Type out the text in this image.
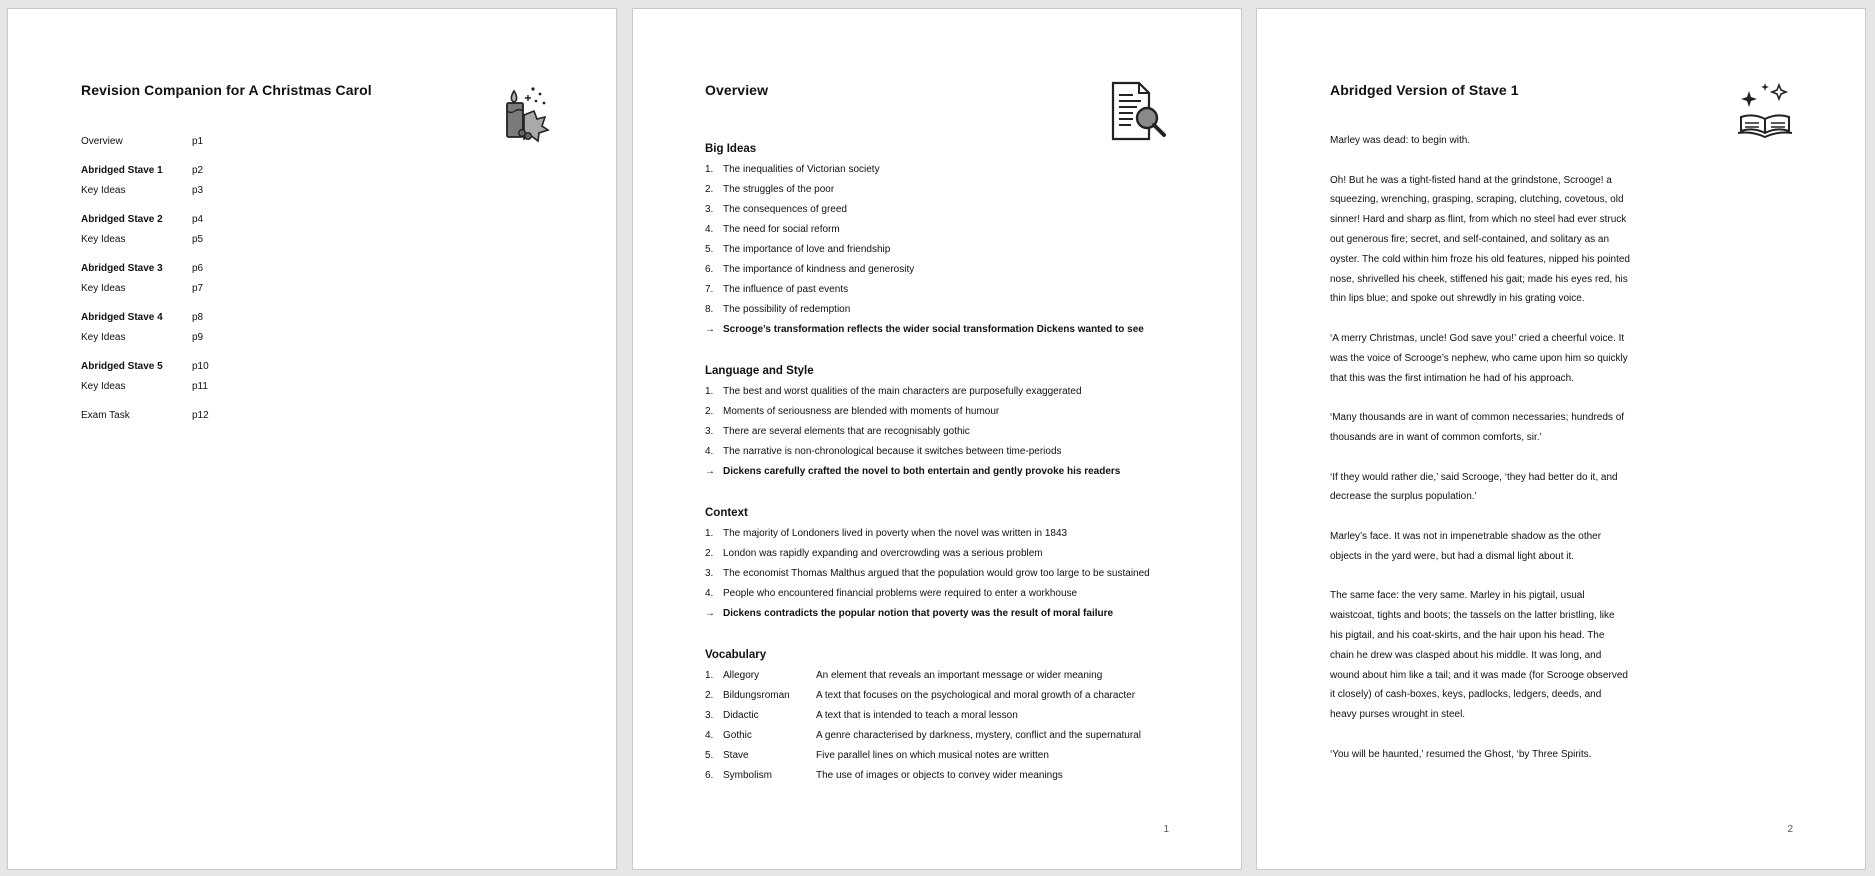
Revision Companion for A Christmas Carol
Overview	p1
Abridged Stave 1	p2
Key Ideas	p3
Abridged Stave 2	p4
Key Ideas	p5
Abridged Stave 3	p6
Key Ideas	p7
Abridged Stave 4	p8
Key Ideas	p9
Abridged Stave 5	p10
Key Ideas	p11
Exam Task	p12
Overview
Big Ideas
1. The inequalities of Victorian society
2. The struggles of the poor
3. The consequences of greed
4. The need for social reform
5. The importance of love and friendship
6. The importance of kindness and generosity
7. The influence of past events
8. The possibility of redemption
→ Scrooge’s transformation reflects the wider social transformation Dickens wanted to see
Language and Style
1. The best and worst qualities of the main characters are purposefully exaggerated
2. Moments of seriousness are blended with moments of humour
3. There are several elements that are recognisably gothic
4. The narrative is non-chronological because it switches between time-periods
→ Dickens carefully crafted the novel to both entertain and gently provoke his readers
Context
1. The majority of Londoners lived in poverty when the novel was written in 1843
2. London was rapidly expanding and overcrowding was a serious problem
3. The economist Thomas Malthus argued that the population would grow too large to be sustained
4. People who encountered financial problems were required to enter a workhouse
→ Dickens contradicts the popular notion that poverty was the result of moral failure
Vocabulary
1. Allegory	An element that reveals an important message or wider meaning
2. Bildungsroman	A text that focuses on the psychological and moral growth of a character
3. Didactic	A text that is intended to teach a moral lesson
4. Gothic	A genre characterised by darkness, mystery, conflict and the supernatural
5. Stave	Five parallel lines on which musical notes are written
6. Symbolism	The use of images or objects to convey wider meanings
1
Abridged Version of Stave 1

Marley was dead: to begin with.

Oh! But he was a tight-fisted hand at the grindstone, Scrooge! a squeezing, wrenching, grasping, scraping, clutching, covetous, old sinner! Hard and sharp as flint, from which no steel had ever struck out generous fire; secret, and self-contained, and solitary as an oyster. The cold within him froze his old features, nipped his pointed nose, shrivelled his cheek, stiffened his gait; made his eyes red, his thin lips blue; and spoke out shrewdly in his grating voice.

‘A merry Christmas, uncle! God save you!’ cried a cheerful voice. It was the voice of Scrooge’s nephew, who came upon him so quickly that this was the first intimation he had of his approach.

‘Many thousands are in want of common necessaries; hundreds of thousands are in want of common comforts, sir.’

‘If they would rather die,’ said Scrooge, ‘they had better do it, and decrease the surplus population.’

Marley’s face. It was not in impenetrable shadow as the other objects in the yard were, but had a dismal light about it.

The same face: the very same. Marley in his pigtail, usual waistcoat, tights and boots; the tassels on the latter bristling, like his pigtail, and his coat-skirts, and the hair upon his head. The chain he drew was clasped about his middle. It was long, and wound about him like a tail; and it was made (for Scrooge observed it closely) of cash-boxes, keys, padlocks, ledgers, deeds, and heavy purses wrought in steel.

‘You will be haunted,’ resumed the Ghost, ‘by Three Spirits.

2
